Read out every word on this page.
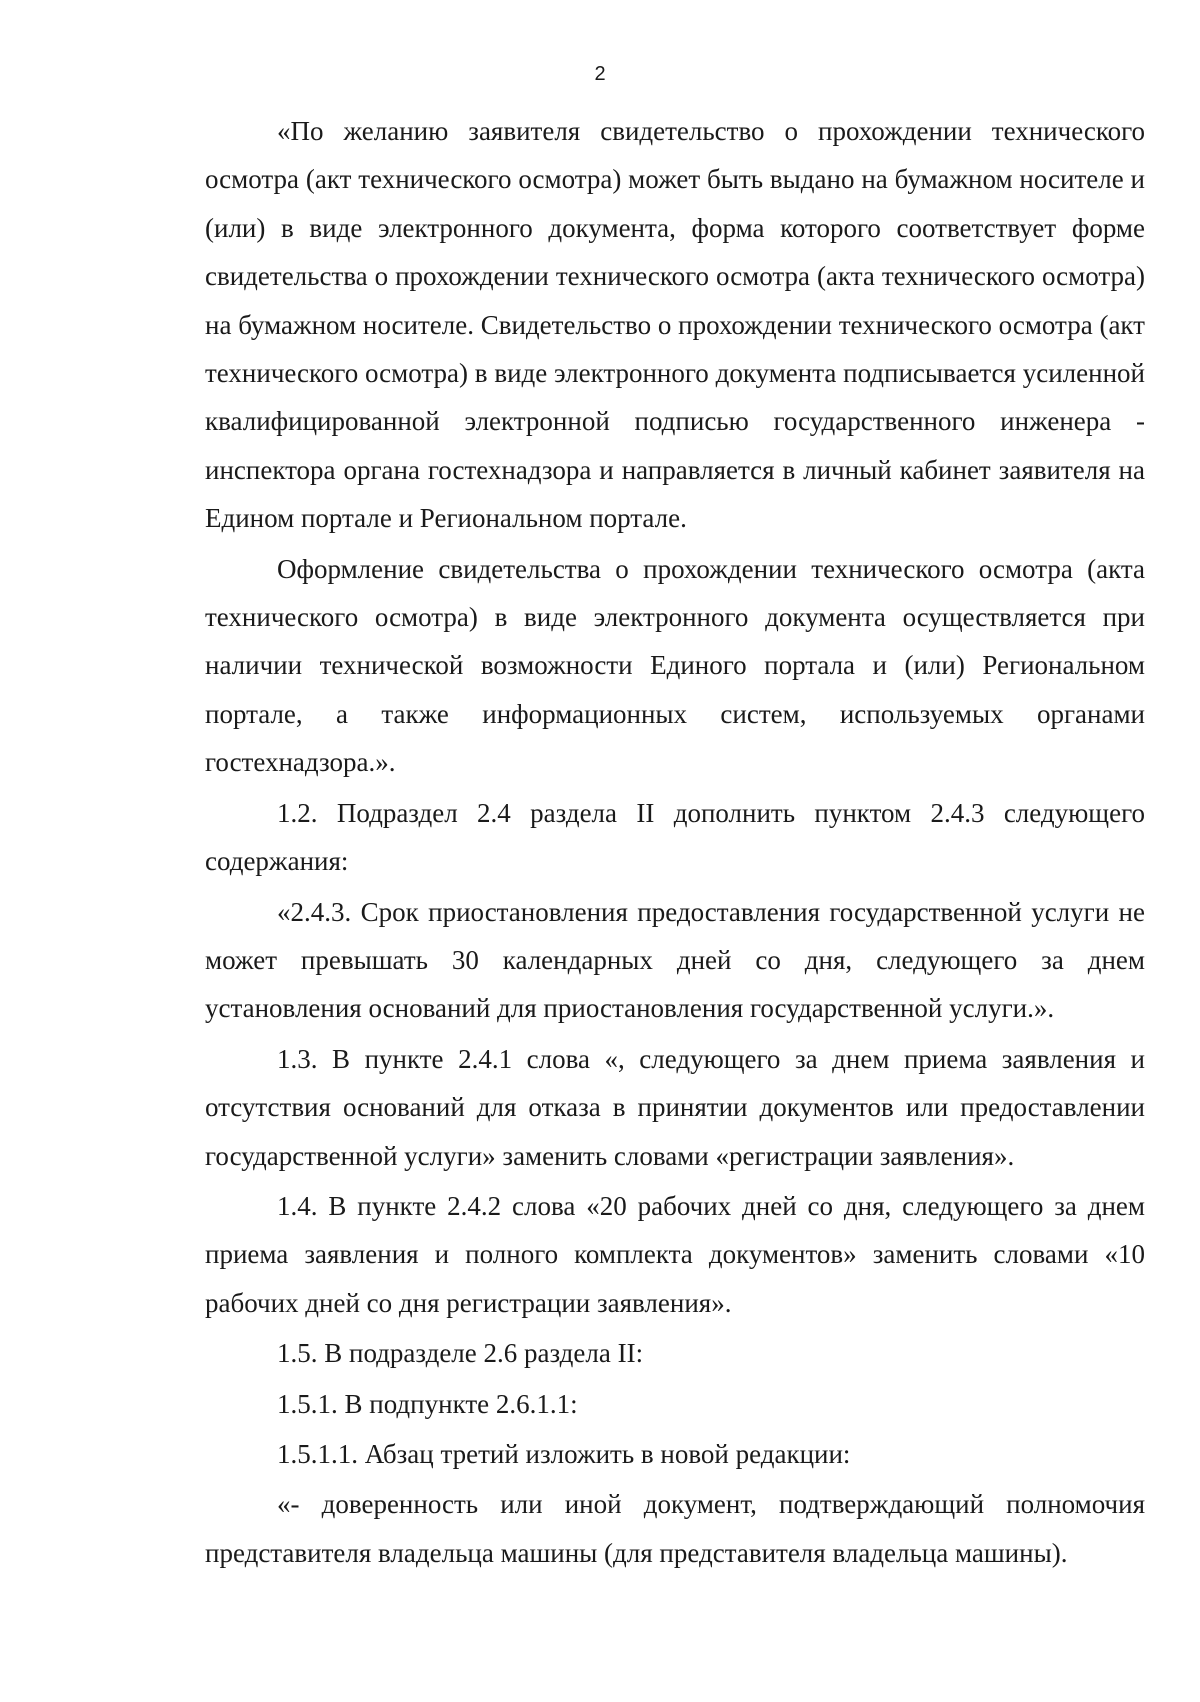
2

«По желанию заявителя свидетельство о прохождении технического осмотра (акт технического осмотра) может быть выдано на бумажном носителе и (или) в виде электронного документа, форма которого соответствует форме свидетельства о прохождении технического осмотра (акта технического осмотра) на бумажном носителе. Свидетельство о прохождении технического осмотра (акт технического осмотра) в виде электронного документа подписывается усиленной квалифицированной электронной подписью государственного инженера - инспектора органа гостехнадзора и направляется в личный кабинет заявителя на Едином портале и Региональном портале.

Оформление свидетельства о прохождении технического осмотра (акта технического осмотра) в виде электронного документа осуществляется при наличии технической возможности Единого портала и (или) Региональном портале, а также информационных систем, используемых органами гостехнадзора.».

1.2. Подраздел 2.4 раздела II дополнить пунктом 2.4.3 следующего содержания:

«2.4.3. Срок приостановления предоставления государственной услуги не может превышать 30 календарных дней со дня, следующего за днем установления оснований для приостановления государственной услуги.».

1.3. В пункте 2.4.1 слова «, следующего за днем приема заявления и отсутствия оснований для отказа в принятии документов или предоставлении государственной услуги» заменить словами «регистрации заявления».

1.4. В пункте 2.4.2 слова «20 рабочих дней со дня, следующего за днем приема заявления и полного комплекта документов» заменить словами «10 рабочих дней со дня регистрации заявления».

1.5. В подразделе 2.6 раздела II:

1.5.1. В подпункте 2.6.1.1:

1.5.1.1. Абзац третий изложить в новой редакции:

«- доверенность или иной документ, подтверждающий полномочия представителя владельца машины (для представителя владельца машины).
